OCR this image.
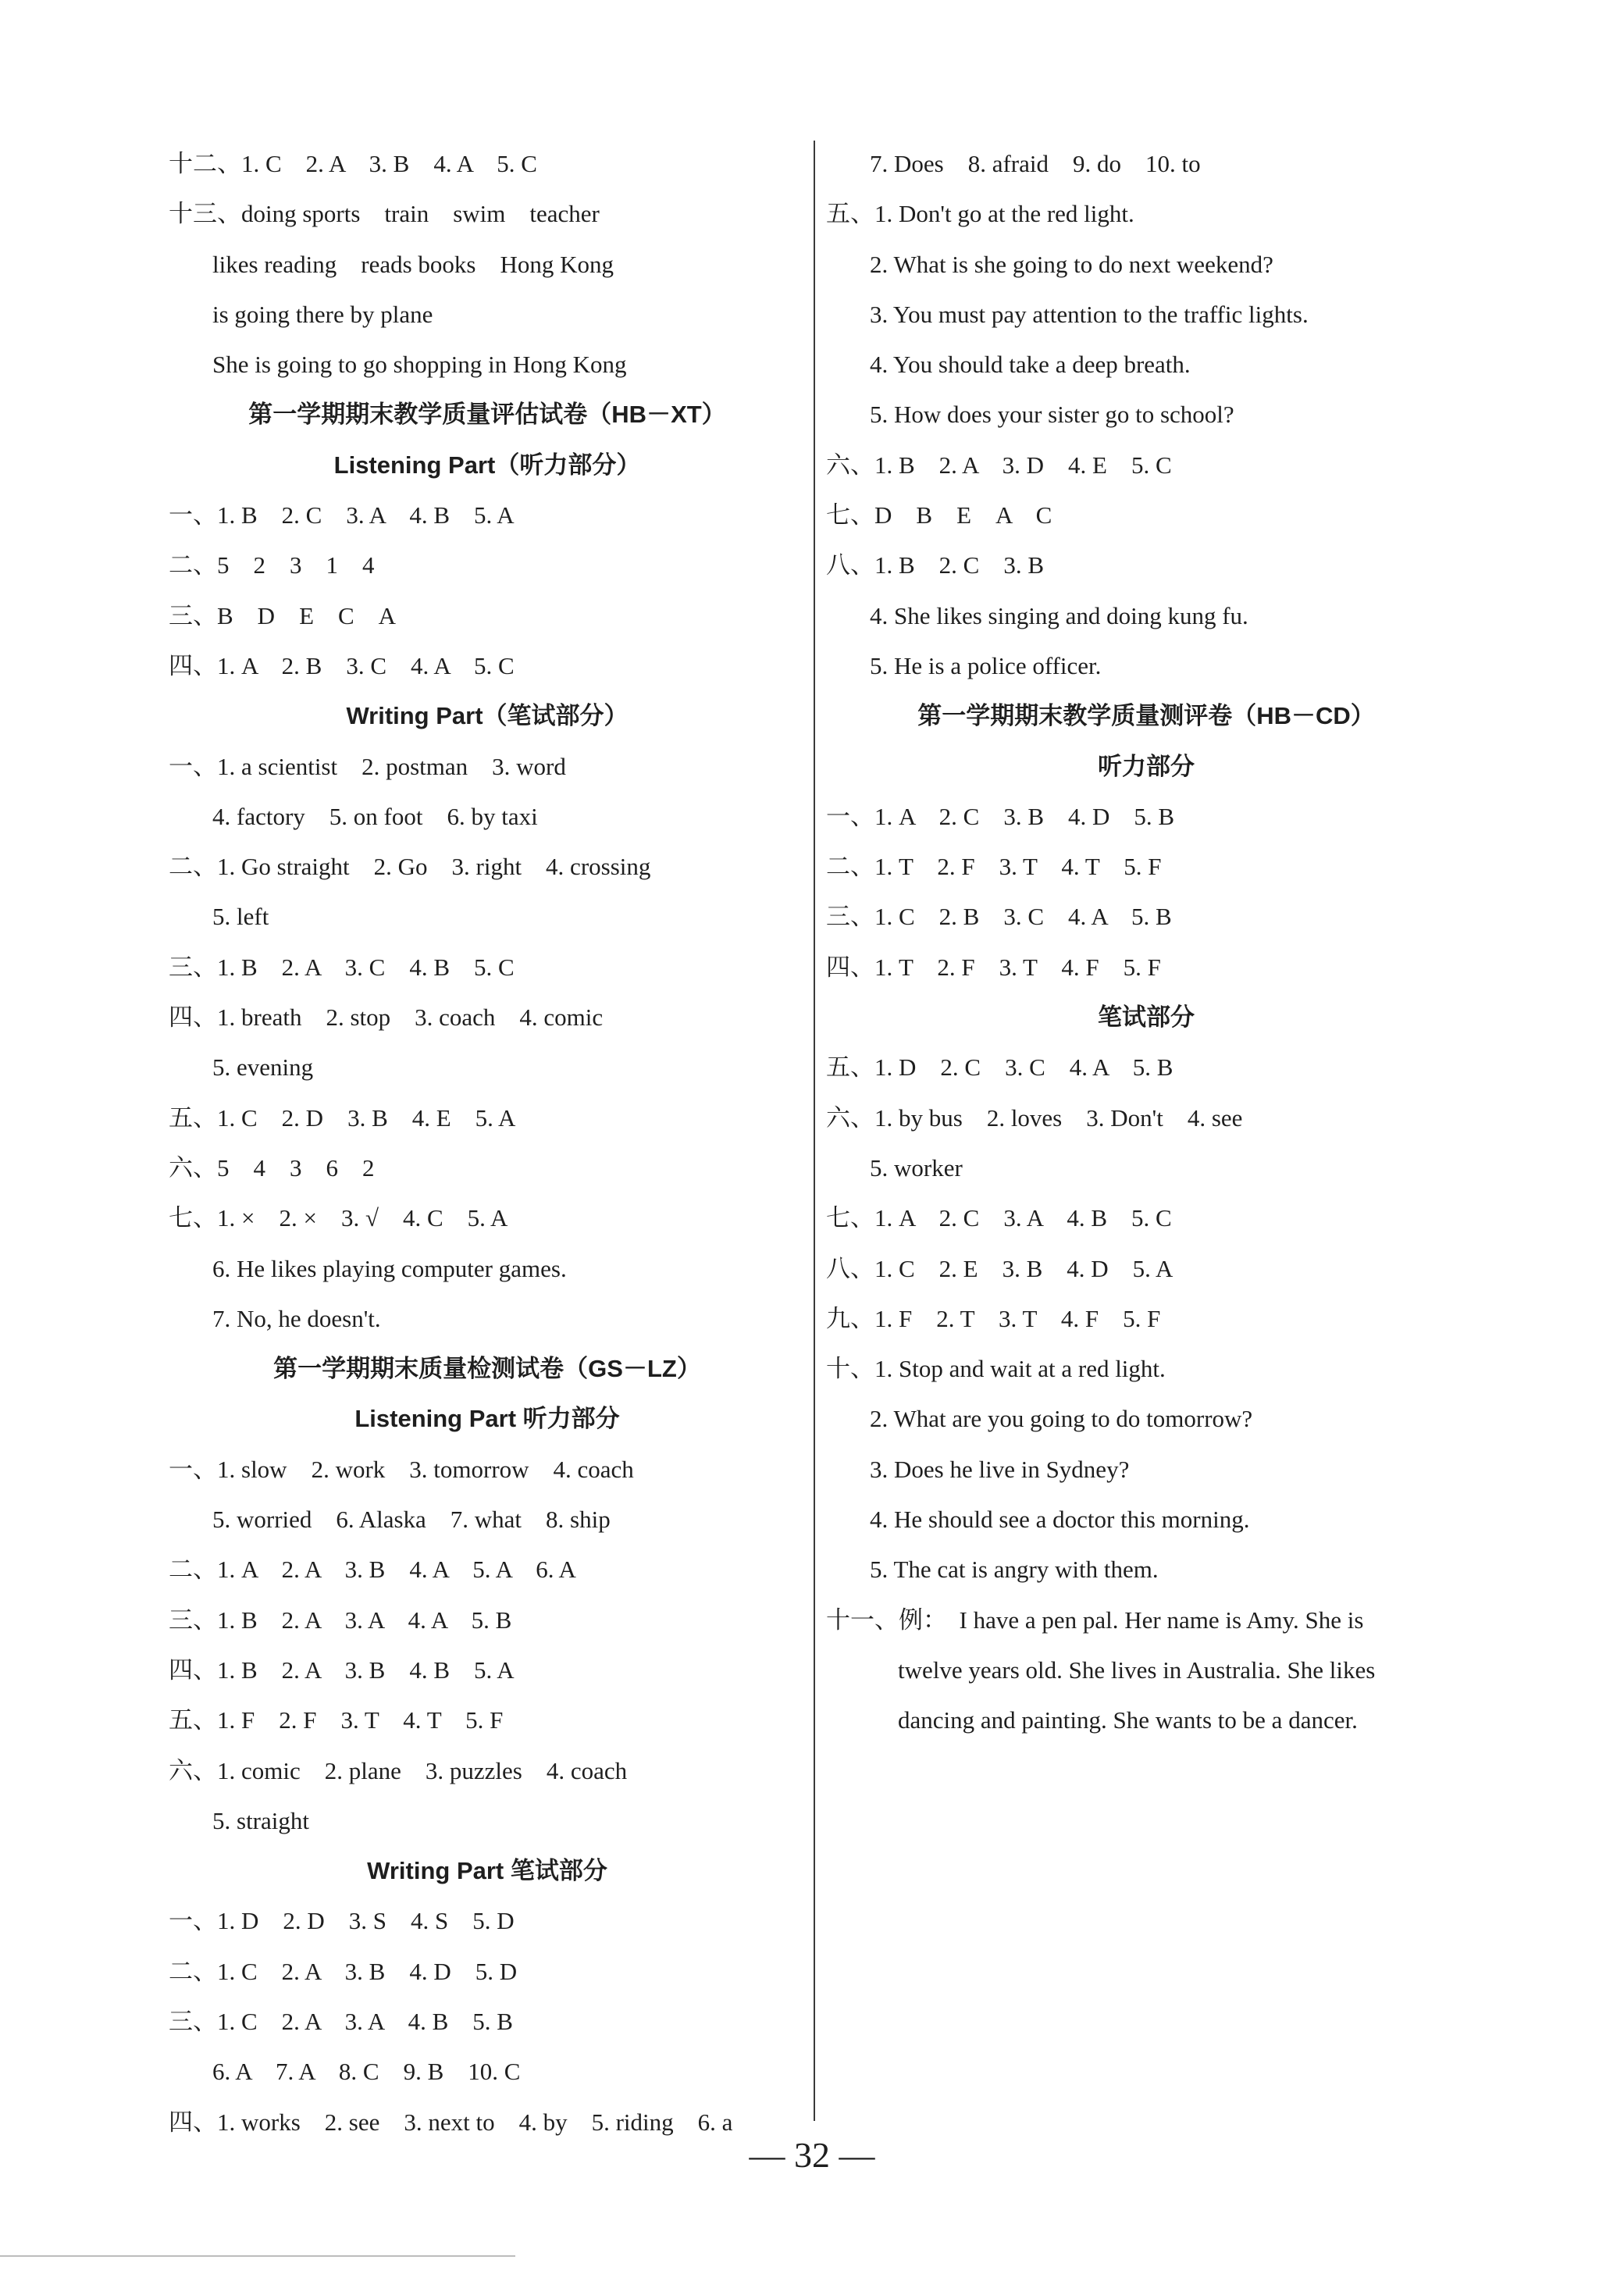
十二、1. C　2. A　3. B　4. A　5. C
十三、doing sports　train　swim　teacher
likes reading　reads books　Hong Kong
is going there by plane
She is going to go shopping in Hong Kong
第一学期期末教学质量评估试卷（HB－XT）
Listening Part（听力部分）
一、1. B　2. C　3. A　4. B　5. A
二、5　2　3　1　4
三、B　D　E　C　A
四、1. A　2. B　3. C　4. A　5. C
Writing Part（笔试部分）
一、1. a scientist　2. postman　3. word
4. factory　5. on foot　6. by taxi
二、1. Go straight　2. Go　3. right　4. crossing
5. left
三、1. B　2. A　3. C　4. B　5. C
四、1. breath　2. stop　3. coach　4. comic
5. evening
五、1. C　2. D　3. B　4. E　5. A
六、5　4　3　6　2
七、1. ×　2. ×　3. √　4. C　5. A
6. He likes playing computer games.
7. No, he doesn't.
第一学期期末质量检测试卷（GS－LZ）
Listening Part 听力部分
一、1. slow　2. work　3. tomorrow　4. coach
5. worried　6. Alaska　7. what　8. ship
二、1. A　2. A　3. B　4. A　5. A　6. A
三、1. B　2. A　3. A　4. A　5. B
四、1. B　2. A　3. B　4. B　5. A
五、1. F　2. F　3. T　4. T　5. F
六、1. comic　2. plane　3. puzzles　4. coach
5. straight
Writing Part 笔试部分
一、1. D　2. D　3. S　4. S　5. D
二、1. C　2. A　3. B　4. D　5. D
三、1. C　2. A　3. A　4. B　5. B
6. A　7. A　8. C　9. B　10. C
四、1. works　2. see　3. next to　4. by　5. riding　6. a
7. Does　8. afraid　9. do　10. to
五、1. Don't go at the red light.
2. What is she going to do next weekend?
3. You must pay attention to the traffic lights.
4. You should take a deep breath.
5. How does your sister go to school?
六、1. B　2. A　3. D　4. E　5. C
七、D　B　E　A　C
八、1. B　2. C　3. B
4. She likes singing and doing kung fu.
5. He is a police officer.
第一学期期末教学质量测评卷（HB－CD）
听力部分
一、1. A　2. C　3. B　4. D　5. B
二、1. T　2. F　3. T　4. T　5. F
三、1. C　2. B　3. C　4. A　5. B
四、1. T　2. F　3. T　4. F　5. F
笔试部分
五、1. D　2. C　3. C　4. A　5. B
六、1. by bus　2. loves　3. Don't　4. see
5. worker
七、1. A　2. C　3. A　4. B　5. C
八、1. C　2. E　3. B　4. D　5. A
九、1. F　2. T　3. T　4. F　5. F
十、1. Stop and wait at a red light.
2. What are you going to do tomorrow?
3. Does he live in Sydney?
4. He should see a doctor this morning.
5. The cat is angry with them.
十一、例：　I have a pen pal. Her name is Amy. She is
twelve years old. She lives in Australia. She likes
dancing and painting. She wants to be a dancer.
— 32 —
